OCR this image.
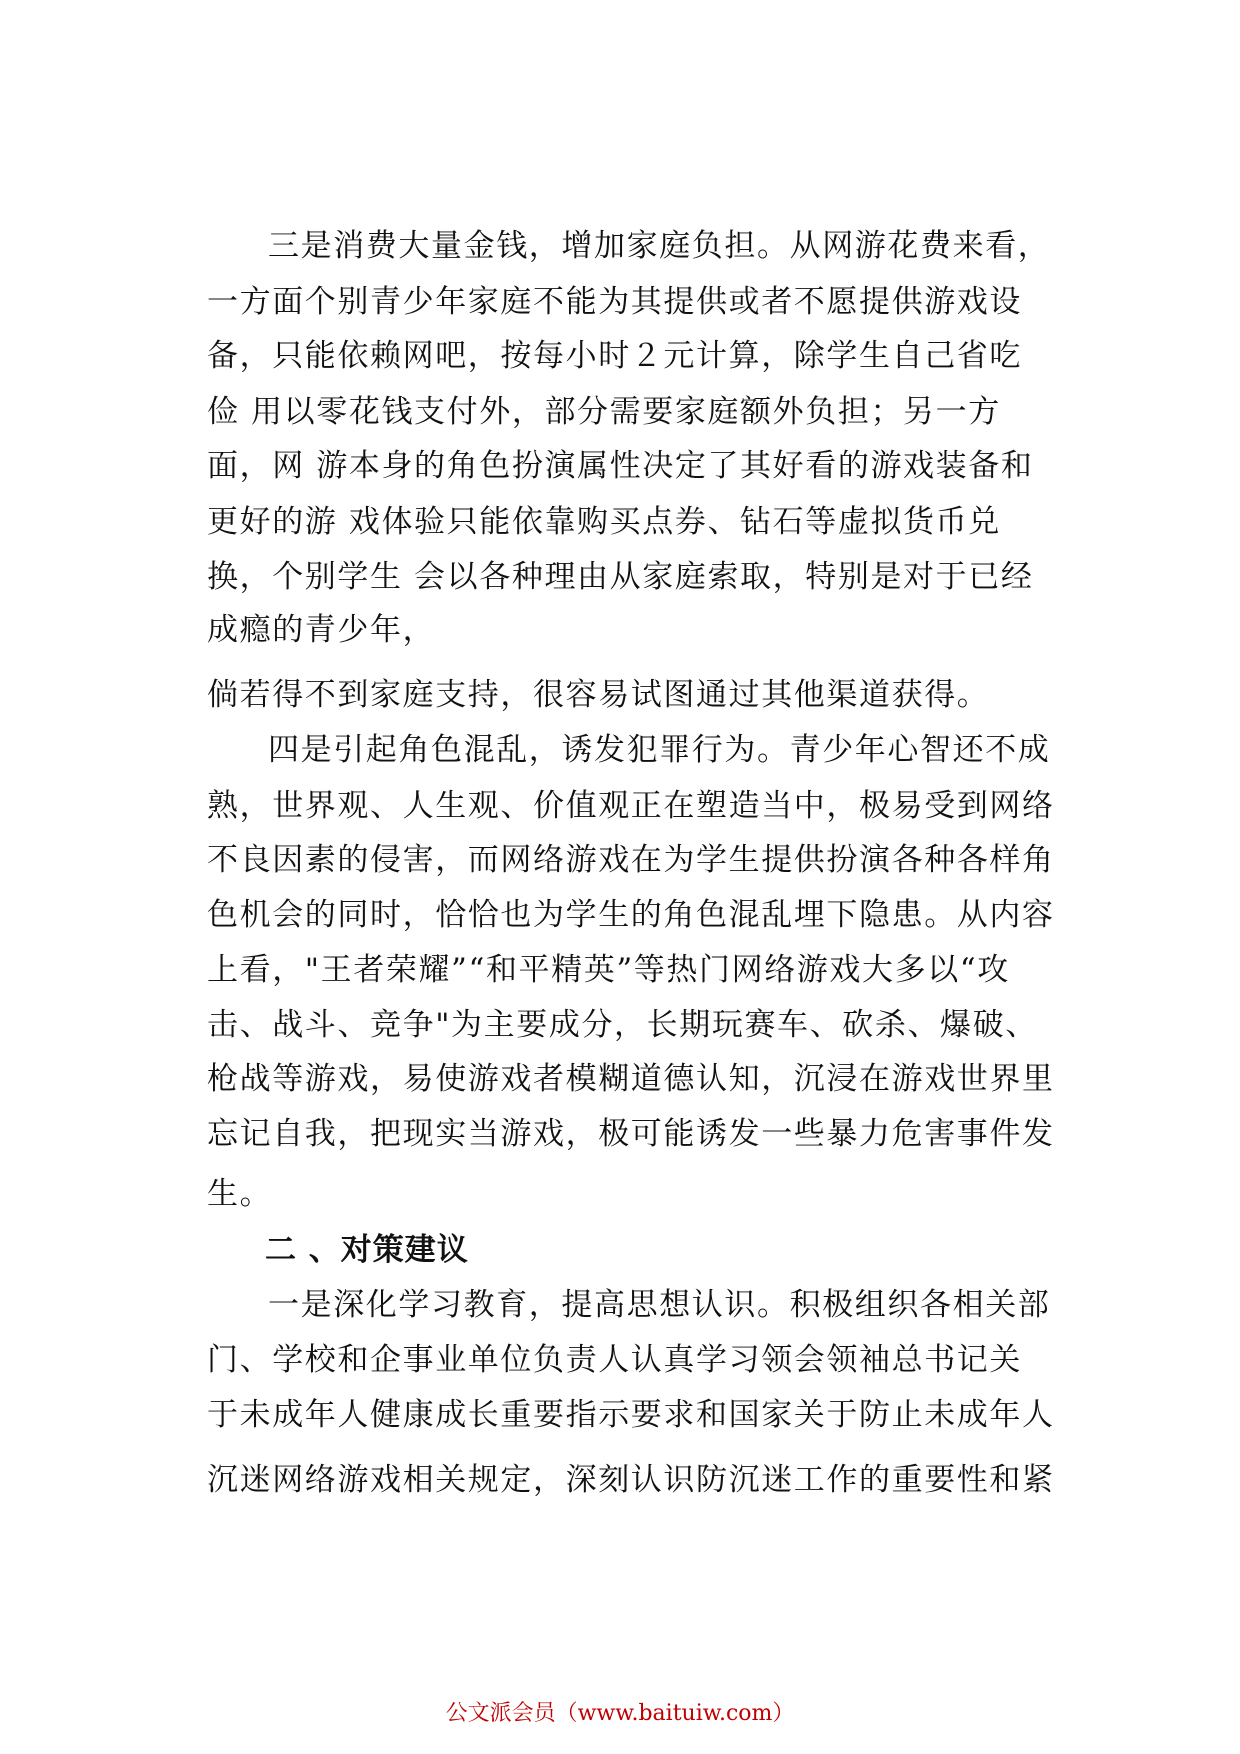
三是消费大量金钱，增加家庭负担。从网游花费来看，
一方面个别青少年家庭不能为其提供或者不愿提供游戏设
备，只能依赖网吧，按每小时２元计算，除学生自己省吃
俭 用以零花钱支付外，部分需要家庭额外负担；另一方
面，网 游本身的角色扮演属性决定了其好看的游戏装备和
更好的游 戏体验只能依靠购买点券、钻石等虚拟货币兑
换，个别学生 会以各种理由从家庭索取，特别是对于已经
成瘾的青少年，
倘若得不到家庭支持，很容易试图通过其他渠道获得。
四是引起角色混乱，诱发犯罪行为。青少年心智还不成
熟，世界观、人生观、价值观正在塑造当中，极易受到网络
不良因素的侵害，而网络游戏在为学生提供扮演各种各样角
色机会的同时，恰恰也为学生的角色混乱埋下隐患。从内容
上看，"王者荣耀”“和平精英”等热门网络游戏大多以“攻
击、战斗、竞争"为主要成分，长期玩赛车、砍杀、爆破、
枪战等游戏，易使游戏者模糊道德认知，沉浸在游戏世界里
忘记自我，把现实当游戏，极可能诱发一些暴力危害事件发
生。
二 、对策建议
一是深化学习教育，提高思想认识。积极组织各相关部
门、学校和企事业单位负责人认真学习领会领袖总书记关
于未成年人健康成长重要指示要求和国家关于防止未成年人
沉迷网络游戏相关规定，深刻认识防沉迷工作的重要性和紧
公文派会员（www.baituiw.com）
